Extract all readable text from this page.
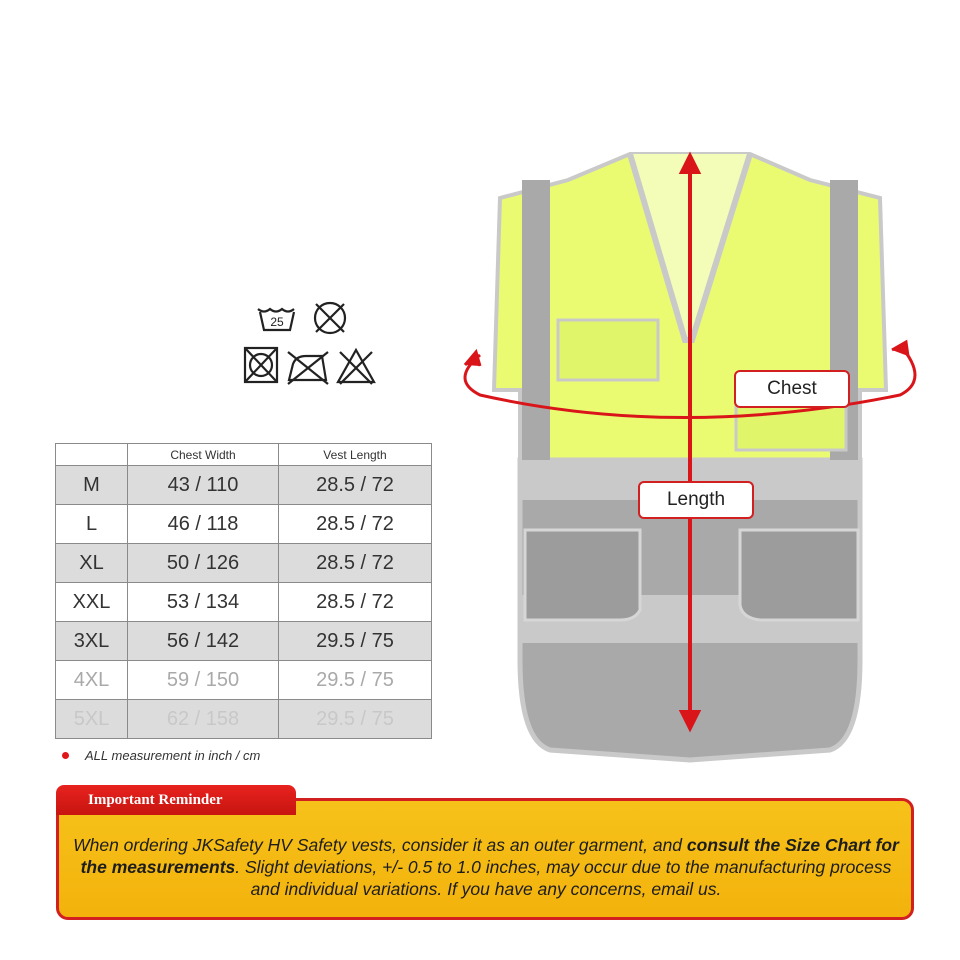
25
	Chest Width	Vest Length
M	43 / 110	28.5 / 72
L	46 / 118	28.5 / 72
XL	50 / 126	28.5 / 72
XXL	53 / 134	28.5 / 72
3XL	56 / 142	29.5 / 75
4XL	59 / 150	29.5 / 75
5XL	62 / 158	29.5 / 75
ALL measurement in inch / cm
Chest
Length
Important Reminder
When ordering JKSafety HV Safety vests, consider it as an outer garment, and consult the Size Chart for the measurements. Slight deviations, +/- 0.5 to 1.0 inches, may occur due to the manufacturing process and individual variations. If you have any concerns, email us.
